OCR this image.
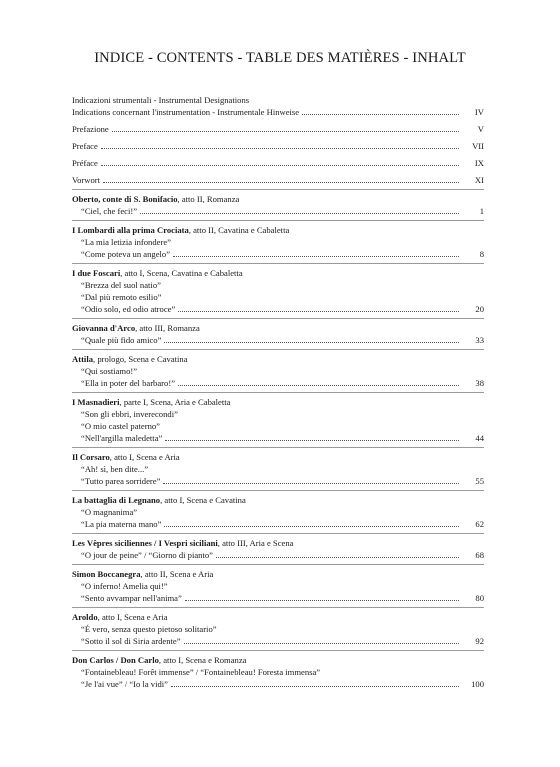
INDICE - CONTENTS - TABLE DES MATIÈRES - INHALT
Indicazioni strumentali - Instrumental Designations
Indications concernant l'instrumentation - Instrumentale Hinweise	IV
Prefazione	V
Preface	VII
Préface	IX
Vorwort	XI
Oberto, conte di S. Bonifacio, atto II, Romanza
“Ciel, che feci!”	1
I Lombardi alla prima Crociata, atto II, Cavatina e Cabaletta
“La mia letizia infondere”
“Come poteva un angelo”	8
I due Foscari, atto I, Scena, Cavatina e Cabaletta
“Brezza del suol natio”
“Dal più remoto esilio”
“Odio solo, ed odio atroce”	20
Giovanna d'Arco, atto III, Romanza
“Quale più fido amico”	33
Attila, prologo, Scena e Cavatina
“Qui sostiamo!”
“Ella in poter del barbaro!”	38
I Masnadieri, parte I, Scena, Aria e Cabaletta
“Son gli ebbri, inverecondi”
“O mio castel paterno”
“Nell'argilla maledetta”	44
Il Corsaro, atto I, Scena e Aria
“Ah! sì, ben dite...”
“Tutto parea sorridere”	55
La battaglia di Legnano, atto I, Scena e Cavatina
“O magnanima”
“La pia materna mano”	62
Les Vêpres siciliennes / I Vespri siciliani, atto III, Aria e Scena
“O jour de peine” / “Giorno di pianto”	68
Simon Boccanegra, atto II, Scena e Aria
“O inferno! Amelia qui!”
“Sento avvampar nell'anima”	80
Aroldo, atto I, Scena e Aria
“É vero, senza questo pietoso solitario”
“Sotto il sol di Siria ardente”	92
Don Carlos / Don Carlo, atto I, Scena e Romanza
“Fontainebleau! Forêt immense” / “Fontainebleau! Foresta immensa”
“Je l'ai vue” / “Io la vidi”	100
